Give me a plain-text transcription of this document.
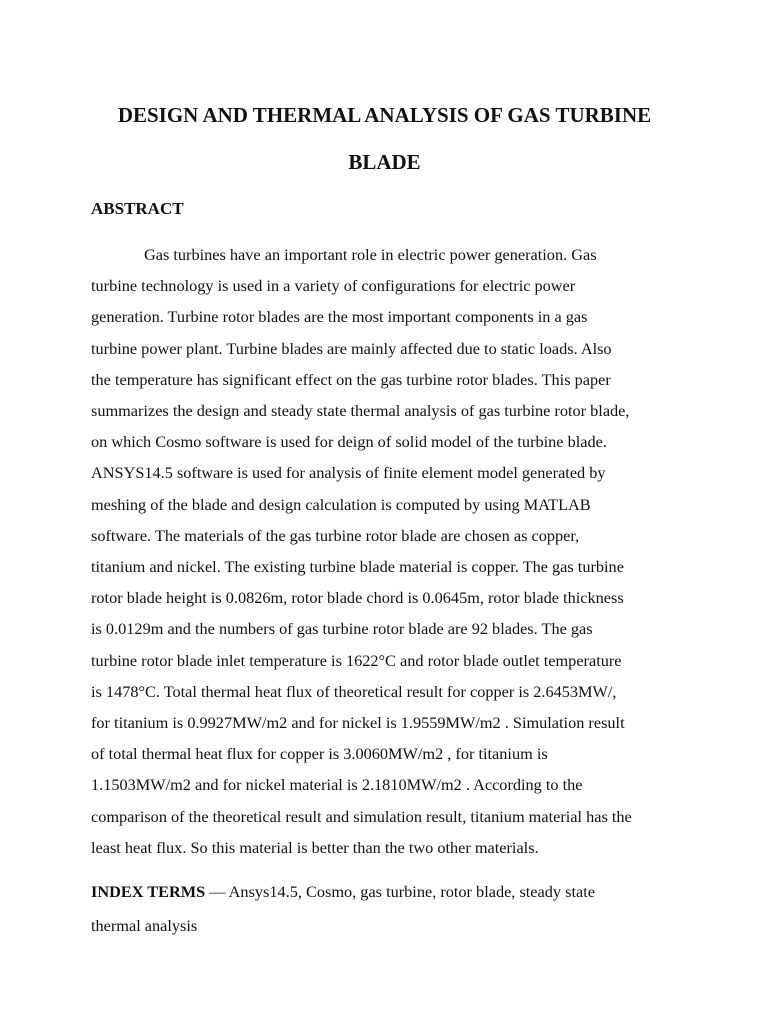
DESIGN AND THERMAL ANALYSIS OF GAS TURBINE
BLADE
ABSTRACT
Gas turbines have an important role in electric power generation. Gas
turbine technology is used in a variety of configurations for electric power
generation. Turbine rotor blades are the most important components in a gas
turbine power plant. Turbine blades are mainly affected due to static loads. Also
the temperature has significant effect on the gas turbine rotor blades. This paper
summarizes the design and steady state thermal analysis of gas turbine rotor blade,
on which Cosmo software is used for deign of solid model of the turbine blade.
ANSYS14.5 software is used for analysis of finite element model generated by
meshing of the blade and design calculation is computed by using MATLAB
software. The materials of the gas turbine rotor blade are chosen as copper,
titanium and nickel. The existing turbine blade material is copper. The gas turbine
rotor blade height is 0.0826m, rotor blade chord is 0.0645m, rotor blade thickness
is 0.0129m and the numbers of gas turbine rotor blade are 92 blades. The gas
turbine rotor blade inlet temperature is 1622°C and rotor blade outlet temperature
is 1478°C. Total thermal heat flux of theoretical result for copper is 2.6453MW/,
for titanium is 0.9927MW/m2 and for nickel is 1.9559MW/m2 . Simulation result
of total thermal heat flux for copper is 3.0060MW/m2 , for titanium is
1.1503MW/m2 and for nickel material is 2.1810MW/m2 . According to the
comparison of the theoretical result and simulation result, titanium material has the
least heat flux. So this material is better than the two other materials.
INDEX TERMS — Ansys14.5, Cosmo, gas turbine, rotor blade, steady state
thermal analysis
